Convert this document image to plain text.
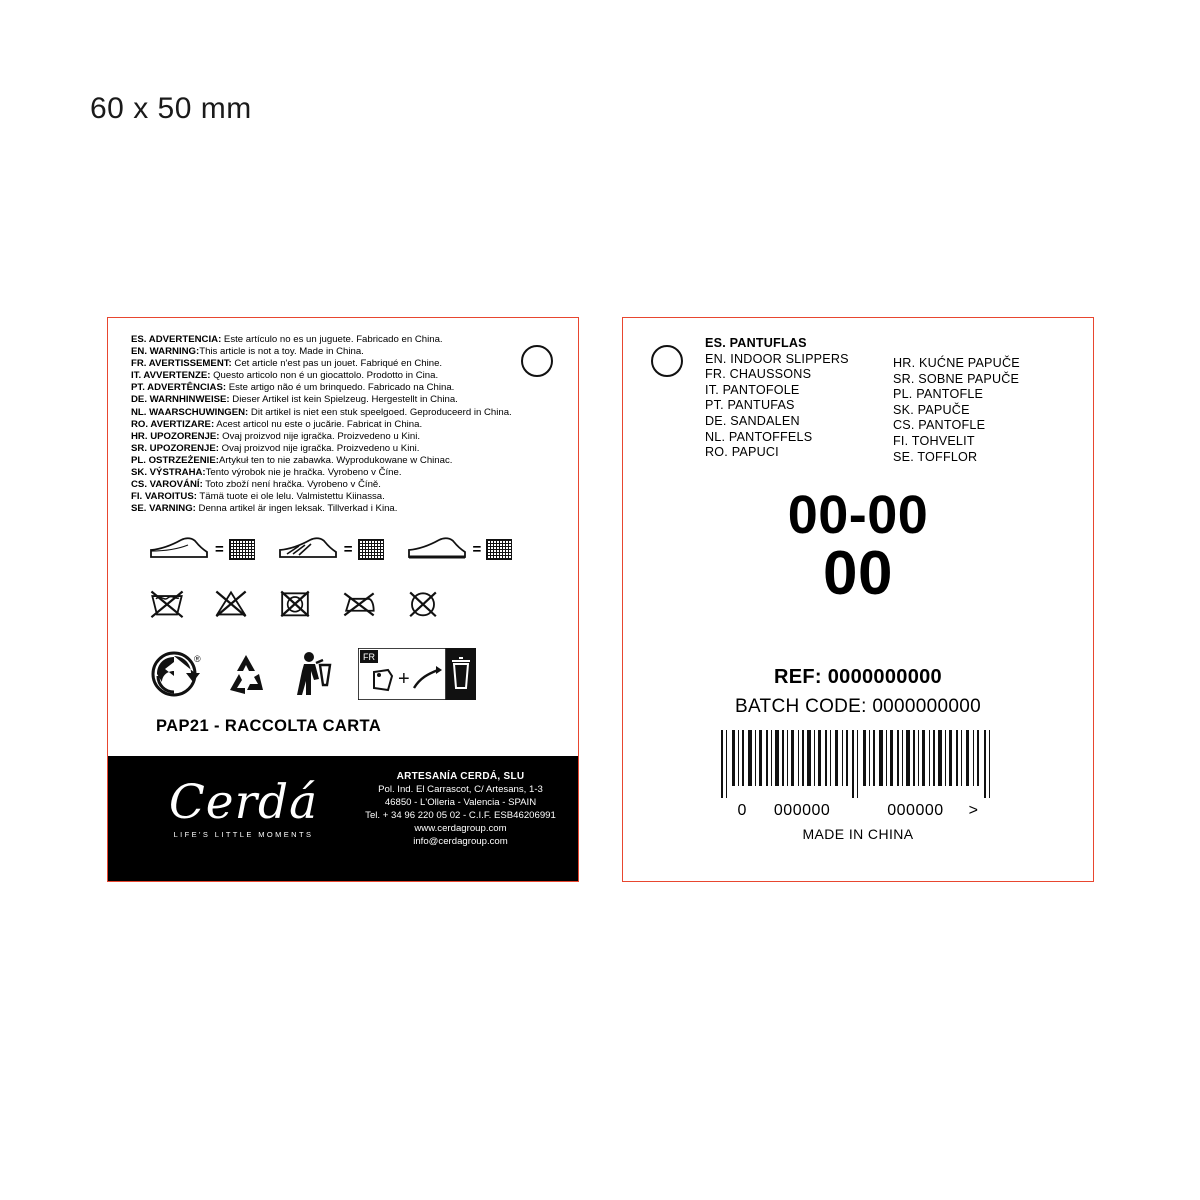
60 x 50 mm
ES. ADVERTENCIA: Este artículo no es un juguete. Fabricado en China.
EN. WARNING:This article is not a toy. Made in China.
FR. AVERTISSEMENT: Cet article n'est pas un jouet. Fabriqué en Chine.
IT. AVVERTENZE: Questo articolo non é un giocattolo. Prodotto in Cina.
PT. ADVERTÊNCIAS: Este artigo não é um brinquedo. Fabricado na China.
DE. WARNHINWEISE: Dieser Artikel ist kein Spielzeug. Hergestellt in China.
NL. WAARSCHUWINGEN: Dit artikel is niet een stuk speelgoed. Geproduceerd in China.
RO. AVERTIZARE: Acest articol nu este o jucărie. Fabricat in China.
HR. UPOZORENJE: Ovaj proizvod nije igračka. Proizvedeno u Kini.
SR. UPOZORENJE: Ovaj proizvod nije igračka. Proizvedeno u Kini.
PL. OSTRZEŻENIE:Artykuł ten to nie zabawka. Wyprodukowane w Chinac.
SK. VÝSTRAHA:Tento výrobok nie je hračka. Vyrobeno v Číne.
CS. VAROVÁNÍ: Toto zboží není hračka. Vyrobeno v Číně.
FI. VAROITUS: Tämä tuote ei ole lelu. Valmistettu Kiinassa.
SE. VARNING: Denna artikel är ingen leksak. Tillverkad i Kina.
=	=	=
®	FR
+
PAP21 - RACCOLTA CARTA
Cerdá
LIFE'S LITTLE MOMENTS
ARTESANÍA CERDÁ, SLU
Pol. Ind. El Carrascot, C/ Artesans, 1-3
46850 - L'Olleria - Valencia - SPAIN
Tel. + 34 96 220 05 02 - C.I.F. ESB46206991
www.cerdagroup.com
info@cerdagroup.com
ES. PANTUFLAS
EN. INDOOR SLIPPERS
FR. CHAUSSONS
IT. PANTOFOLE
PT. PANTUFAS
DE. SANDALEN
NL. PANTOFFELS
RO. PAPUCI
HR. KUĆNE PAPUČE
SR. SOBNE PAPUČE
PL. PANTOFLE
SK. PAPUČE
CS. PANTOFLE
FI. TOHVELIT
SE. TOFFLOR
00-00
00
REF: 0000000000
BATCH CODE: 0000000000
0 000000	000000 >
MADE IN CHINA
